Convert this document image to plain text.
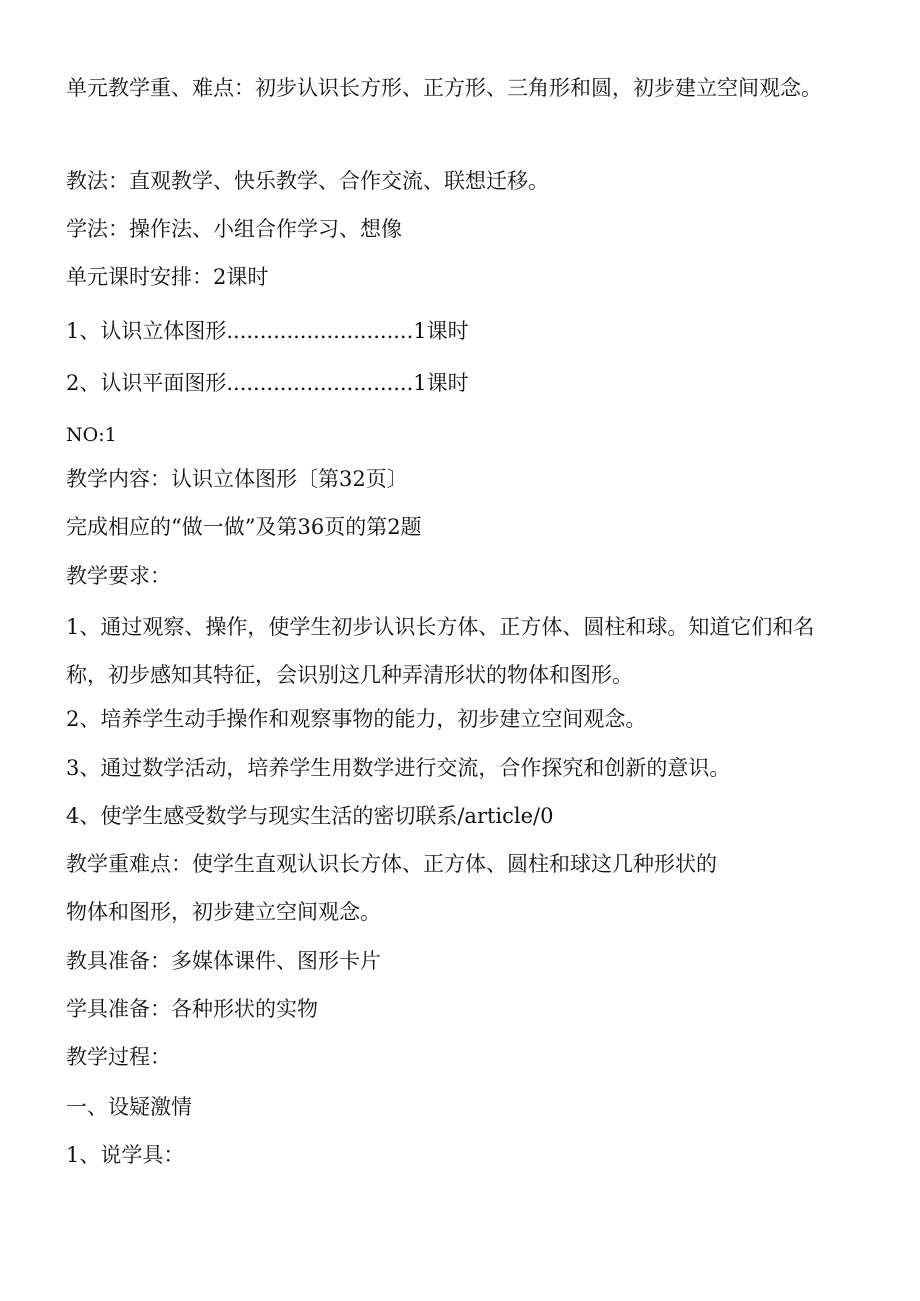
单元教学重、难点：初步认识长方形、正方形、三角形和圆，初步建立空间观念。
教法：直观教学、快乐教学、合作交流、联想迁移。
学法：操作法、小组合作学习、想像
单元课时安排：2课时
1、认识立体图形............................1课时
2、认识平面图形............................1课时
NO:1
教学内容：认识立体图形〔第32页〕
完成相应的“做一做”及第36页的第2题
教学要求：
1、通过观察、操作，使学生初步认识长方体、正方体、圆柱和球。知道它们和名称，初步感知其特征，会识别这几种弄清形状的物体和图形。
2、培养学生动手操作和观察事物的能力，初步建立空间观念。
3、通过数学活动，培养学生用数学进行交流，合作探究和创新的意识。
4、使学生感受数学与现实生活的密切联系/article/0
教学重难点：使学生直观认识长方体、正方体、圆柱和球这几种形状的
物体和图形，初步建立空间观念。
教具准备：多媒体课件、图形卡片
学具准备：各种形状的实物
教学过程：
一、设疑激情
1、说学具：
